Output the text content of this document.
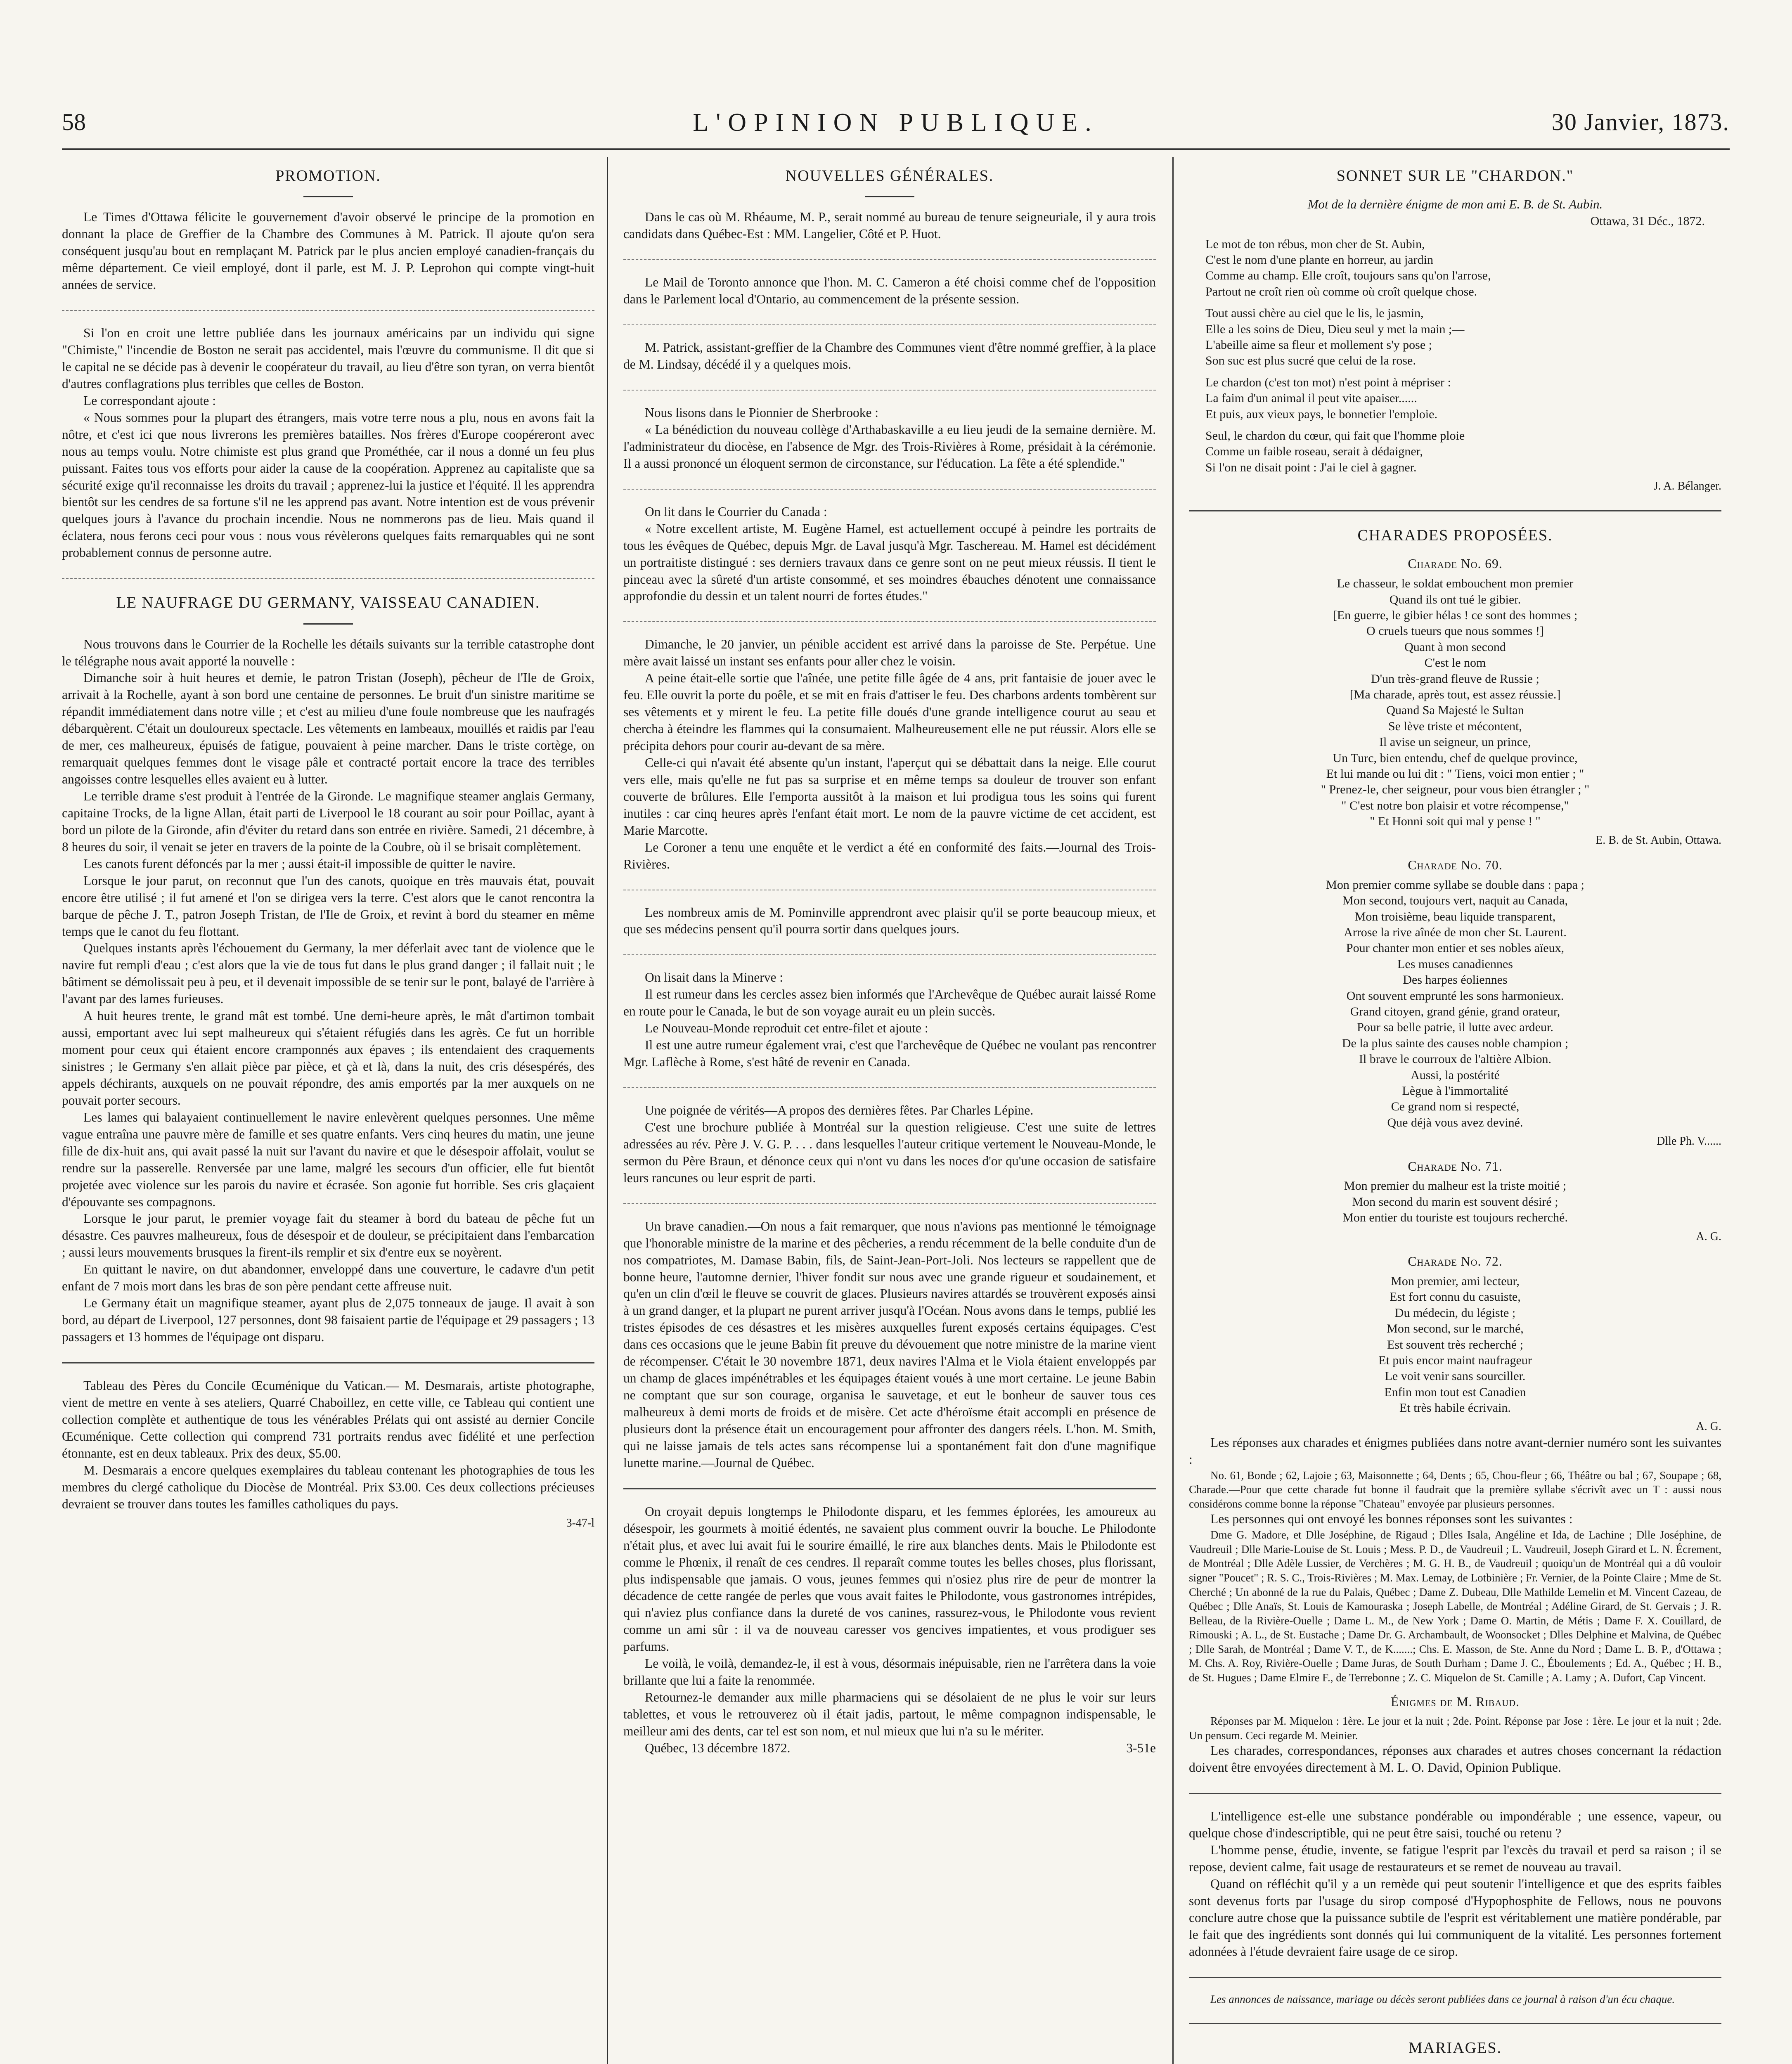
58	L'OPINION PUBLIQUE.	30 Janvier, 1873.
PROMOTION.

Le Times d'Ottawa félicite le gouvernement d'avoir observé le principe de la promotion en donnant la place de Greffier de la Chambre des Communes à M. Patrick. Il ajoute qu'on sera conséquent jusqu'au bout en remplaçant M. Patrick par le plus ancien employé canadien-français du même département. Ce vieil employé, dont il parle, est M. J. P. Leprohon qui compte vingt-huit années de service.

Si l'on en croit une lettre publiée dans les journaux américains par un individu qui signe "Chimiste," l'incendie de Boston ne serait pas accidentel, mais l'œuvre du communisme. Il dit que si le capital ne se décide pas à devenir le coopérateur du travail, au lieu d'être son tyran, on verra bientôt d'autres conflagrations plus terribles que celles de Boston.

Le correspondant ajoute :

« Nous sommes pour la plupart des étrangers, mais votre terre nous a plu, nous en avons fait la nôtre, et c'est ici que nous livrerons les premières batailles. Nos frères d'Europe coopéreront avec nous au temps voulu. Notre chimiste est plus grand que Prométhée, car il nous a donné un feu plus puissant. Faites tous vos efforts pour aider la cause de la coopération. Apprenez au capitaliste que sa sécurité exige qu'il reconnaisse les droits du travail ; apprenez-lui la justice et l'équité. Il les apprendra bientôt sur les cendres de sa fortune s'il ne les apprend pas avant. Notre intention est de vous prévenir quelques jours à l'avance du prochain incendie. Nous ne nommerons pas de lieu. Mais quand il éclatera, nous ferons ceci pour vous : nous vous révèlerons quelques faits remarquables qui ne sont probablement connus de personne autre.

LE NAUFRAGE DU GERMANY, VAISSEAU CANADIEN.

Nous trouvons dans le Courrier de la Rochelle les détails suivants sur la terrible catastrophe dont le télégraphe nous avait apporté la nouvelle :

Dimanche soir à huit heures et demie, le patron Tristan (Joseph), pêcheur de l'Ile de Groix, arrivait à la Rochelle, ayant à son bord une centaine de personnes. Le bruit d'un sinistre maritime se répandit immédiatement dans notre ville ; et c'est au milieu d'une foule nombreuse que les naufragés débarquèrent. C'était un douloureux spectacle. Les vêtements en lambeaux, mouillés et raidis par l'eau de mer, ces malheureux, épuisés de fatigue, pouvaient à peine marcher. Dans le triste cortège, on remarquait quelques femmes dont le visage pâle et contracté portait encore la trace des terribles angoisses contre lesquelles elles avaient eu à lutter.

Le terrible drame s'est produit à l'entrée de la Gironde. Le magnifique steamer anglais Germany, capitaine Trocks, de la ligne Allan, était parti de Liverpool le 18 courant au soir pour Poillac, ayant à bord un pilote de la Gironde, afin d'éviter du retard dans son entrée en rivière. Samedi, 21 décembre, à 8 heures du soir, il venait se jeter en travers de la pointe de la Coubre, où il se brisait complètement.

Les canots furent défoncés par la mer ; aussi était-il impossible de quitter le navire.

Lorsque le jour parut, on reconnut que l'un des canots, quoique en très mauvais état, pouvait encore être utilisé ; il fut amené et l'on se dirigea vers la terre. C'est alors que le canot rencontra la barque de pêche J. T., patron Joseph Tristan, de l'Ile de Groix, et revint à bord du steamer en même temps que le canot du feu flottant.

Quelques instants après l'échouement du Germany, la mer déferlait avec tant de violence que le navire fut rempli d'eau ; c'est alors que la vie de tous fut dans le plus grand danger ; il fallait nuit ; le bâtiment se démolissait peu à peu, et il devenait impossible de se tenir sur le pont, balayé de l'arrière à l'avant par des lames furieuses.

A huit heures trente, le grand mât est tombé. Une demi-heure après, le mât d'artimon tombait aussi, emportant avec lui sept malheureux qui s'étaient réfugiés dans les agrès. Ce fut un horrible moment pour ceux qui étaient encore cramponnés aux épaves ; ils entendaient des craquements sinistres ; le Germany s'en allait pièce par pièce, et çà et là, dans la nuit, des cris désespérés, des appels déchirants, auxquels on ne pouvait répondre, des amis emportés par la mer auxquels on ne pouvait porter secours.

Les lames qui balayaient continuellement le navire enlevèrent quelques personnes. Une même vague entraîna une pauvre mère de famille et ses quatre enfants. Vers cinq heures du matin, une jeune fille de dix-huit ans, qui avait passé la nuit sur l'avant du navire et que le désespoir affolait, voulut se rendre sur la passerelle. Renversée par une lame, malgré les secours d'un officier, elle fut bientôt projetée avec violence sur les parois du navire et écrasée. Son agonie fut horrible. Ses cris glaçaient d'épouvante ses compagnons.

Lorsque le jour parut, le premier voyage fait du steamer à bord du bateau de pêche fut un désastre. Ces pauvres malheureux, fous de désespoir et de douleur, se précipitaient dans l'embarcation ; aussi leurs mouvements brusques la firent-ils remplir et six d'entre eux se noyèrent.

En quittant le navire, on dut abandonner, enveloppé dans une couverture, le cadavre d'un petit enfant de 7 mois mort dans les bras de son père pendant cette affreuse nuit.

Le Germany était un magnifique steamer, ayant plus de 2,075 tonneaux de jauge. Il avait à son bord, au départ de Liverpool, 127 personnes, dont 98 faisaient partie de l'équipage et 29 passagers ; 13 passagers et 13 hommes de l'équipage ont disparu.

Tableau des Pères du Concile Œcuménique du Vatican.— M. Desmarais, artiste photographe, vient de mettre en vente à ses ateliers, Quarré Chaboillez, en cette ville, ce Tableau qui contient une collection complète et authentique de tous les vénérables Prélats qui ont assisté au dernier Concile Œcuménique. Cette collection qui comprend 731 portraits rendus avec fidélité et une perfection étonnante, est en deux tableaux. Prix des deux, $5.00.

M. Desmarais a encore quelques exemplaires du tableau contenant les photographies de tous les membres du clergé catholique du Diocèse de Montréal. Prix $3.00. Ces deux collections précieuses devraient se trouver dans toutes les familles catholiques du pays.

3-47-l
NOUVELLES GÉNÉRALES.

Dans le cas où M. Rhéaume, M. P., serait nommé au bureau de tenure seigneuriale, il y aura trois candidats dans Québec-Est : MM. Langelier, Côté et P. Huot.

Le Mail de Toronto annonce que l'hon. M. C. Cameron a été choisi comme chef de l'opposition dans le Parlement local d'Ontario, au commencement de la présente session.

M. Patrick, assistant-greffier de la Chambre des Communes vient d'être nommé greffier, à la place de M. Lindsay, décédé il y a quelques mois.

Nous lisons dans le Pionnier de Sherbrooke :

« La bénédiction du nouveau collège d'Arthabaskaville a eu lieu jeudi de la semaine dernière. M. l'administrateur du diocèse, en l'absence de Mgr. des Trois-Rivières à Rome, présidait à la cérémonie. Il a aussi prononcé un éloquent sermon de circonstance, sur l'éducation. La fête a été splendide."

On lit dans le Courrier du Canada :

« Notre excellent artiste, M. Eugène Hamel, est actuellement occupé à peindre les portraits de tous les évêques de Québec, depuis Mgr. de Laval jusqu'à Mgr. Taschereau. M. Hamel est décidément un portraitiste distingué : ses derniers travaux dans ce genre sont on ne peut mieux réussis. Il tient le pinceau avec la sûreté d'un artiste consommé, et ses moindres ébauches dénotent une connaissance approfondie du dessin et un talent nourri de fortes études."

Dimanche, le 20 janvier, un pénible accident est arrivé dans la paroisse de Ste. Perpétue. Une mère avait laissé un instant ses enfants pour aller chez le voisin.

A peine était-elle sortie que l'aînée, une petite fille âgée de 4 ans, prit fantaisie de jouer avec le feu. Elle ouvrit la porte du poêle, et se mit en frais d'attiser le feu. Des charbons ardents tombèrent sur ses vêtements et y mirent le feu. La petite fille doués d'une grande intelligence courut au seau et chercha à éteindre les flammes qui la consumaient. Malheureusement elle ne put réussir. Alors elle se précipita dehors pour courir au-devant de sa mère.

Celle-ci qui n'avait été absente qu'un instant, l'aperçut qui se débattait dans la neige. Elle courut vers elle, mais qu'elle ne fut pas sa surprise et en même temps sa douleur de trouver son enfant couverte de brûlures. Elle l'emporta aussitôt à la maison et lui prodigua tous les soins qui furent inutiles : car cinq heures après l'enfant était mort. Le nom de la pauvre victime de cet accident, est Marie Marcotte.

Le Coroner a tenu une enquête et le verdict a été en conformité des faits.—Journal des Trois-Rivières.

Les nombreux amis de M. Pominville apprendront avec plaisir qu'il se porte beaucoup mieux, et que ses médecins pensent qu'il pourra sortir dans quelques jours.

On lisait dans la Minerve :

Il est rumeur dans les cercles assez bien informés que l'Archevêque de Québec aurait laissé Rome en route pour le Canada, le but de son voyage aurait eu un plein succès.

Le Nouveau-Monde reproduit cet entre-filet et ajoute :

Il est une autre rumeur également vrai, c'est que l'archevêque de Québec ne voulant pas rencontrer Mgr. Laflèche à Rome, s'est hâté de revenir en Canada.

Une poignée de vérités—A propos des dernières fêtes. Par Charles Lépine.

C'est une brochure publiée à Montréal sur la question religieuse. C'est une suite de lettres adressées au rév. Père J. V. G. P. . . . dans lesquelles l'auteur critique vertement le Nouveau-Monde, le sermon du Père Braun, et dénonce ceux qui n'ont vu dans les noces d'or qu'une occasion de satisfaire leurs rancunes ou leur esprit de parti.

Un brave canadien.—On nous a fait remarquer, que nous n'avions pas mentionné le témoignage que l'honorable ministre de la marine et des pêcheries, a rendu récemment de la belle conduite d'un de nos compatriotes, M. Damase Babin, fils, de Saint-Jean-Port-Joli. Nos lecteurs se rappellent que de bonne heure, l'automne dernier, l'hiver fondit sur nous avec une grande rigueur et soudainement, et qu'en un clin d'œil le fleuve se couvrit de glaces. Plusieurs navires attardés se trouvèrent exposés ainsi à un grand danger, et la plupart ne purent arriver jusqu'à l'Océan. Nous avons dans le temps, publié les tristes épisodes de ces désastres et les misères auxquelles furent exposés certains équipages. C'est dans ces occasions que le jeune Babin fit preuve du dévouement que notre ministre de la marine vient de récompenser. C'était le 30 novembre 1871, deux navires l'Alma et le Viola étaient enveloppés par un champ de glaces impénétrables et les équipages étaient voués à une mort certaine. Le jeune Babin ne comptant que sur son courage, organisa le sauvetage, et eut le bonheur de sauver tous ces malheureux à demi morts de froids et de misère. Cet acte d'héroïsme était accompli en présence de plusieurs dont la présence était un encouragement pour affronter des dangers réels. L'hon. M. Smith, qui ne laisse jamais de tels actes sans récompense lui a spontanément fait don d'une magnifique lunette marine.—Journal de Québec.

On croyait depuis longtemps le Philodonte disparu, et les femmes éplorées, les amoureux au désespoir, les gourmets à moitié édentés, ne savaient plus comment ouvrir la bouche. Le Philodonte n'était plus, et avec lui avait fui le sourire émaillé, le rire aux blanches dents. Mais le Philodonte est comme le Phœnix, il renaît de ces cendres. Il reparaît comme toutes les belles choses, plus florissant, plus indispensable que jamais. O vous, jeunes femmes qui n'osiez plus rire de peur de montrer la décadence de cette rangée de perles que vous avait faites le Philodonte, vous gastronomes intrépides, qui n'aviez plus confiance dans la dureté de vos canines, rassurez-vous, le Philodonte vous revient comme un ami sûr : il va de nouveau caresser vos gencives impatientes, et vous prodiguer ses parfums.

Le voilà, le voilà, demandez-le, il est à vous, désormais inépuisable, rien ne l'arrêtera dans la voie brillante que lui a faite la renommée.

Retournez-le demander aux mille pharmaciens qui se désolaient de ne plus le voir sur leurs tablettes, et vous le retrouverez où il était jadis, partout, le même compagnon indispensable, le meilleur ami des dents, car tel est son nom, et nul mieux que lui n'a su le mériter.

Québec, 13 décembre 1872.	3-51e
SONNET SUR LE "CHARDON."
Mot de la dernière énigme de mon ami E. B. de St. Aubin.
Ottawa, 31 Déc., 1872.
Le mot de ton rébus, mon cher de St. Aubin,
C'est le nom d'une plante en horreur, au jardin
Comme au champ. Elle croît, toujours sans qu'on l'arrose,
Partout ne croît rien où comme où croît quelque chose.
Tout aussi chère au ciel que le lis, le jasmin,
Elle a les soins de Dieu, Dieu seul y met la main ;—
L'abeille aime sa fleur et mollement s'y pose ;
Son suc est plus sucré que celui de la rose.
Le chardon (c'est ton mot) n'est point à mépriser :
La faim d'un animal il peut vite apaiser......
Et puis, aux vieux pays, le bonnetier l'emploie.
Seul, le chardon du cœur, qui fait que l'homme ploie
Comme un faible roseau, serait à dédaigner,
Si l'on ne disait point : J'ai le ciel à gagner.
J. A. Bélanger.
CHARADES PROPOSÉES.
Charade No. 69.
Le chasseur, le soldat embouchent mon premier
Quand ils ont tué le gibier.
[En guerre, le gibier hélas ! ce sont des hommes ;
O cruels tueurs que nous sommes !]
Quant à mon second
C'est le nom
D'un très-grand fleuve de Russie ;
[Ma charade, après tout, est assez réussie.]
Quand Sa Majesté le Sultan
Se lève triste et mécontent,
Il avise un seigneur, un prince,
Un Turc, bien entendu, chef de quelque province,
Et lui mande ou lui dit : " Tiens, voici mon entier ; "
" Prenez-le, cher seigneur, pour vous bien étrangler ; "
" C'est notre bon plaisir et votre récompense,"
" Et Honni soit qui mal y pense ! "
E. B. de St. Aubin, Ottawa.
Charade No. 70.
Mon premier comme syllabe se double dans : papa ;
Mon second, toujours vert, naquit au Canada,
Mon troisième, beau liquide transparent,
Arrose la rive aînée de mon cher St. Laurent.
Pour chanter mon entier et ses nobles aïeux,
Les muses canadiennes
Des harpes éoliennes
Ont souvent emprunté les sons harmonieux.
Grand citoyen, grand génie, grand orateur,
Pour sa belle patrie, il lutte avec ardeur.
De la plus sainte des causes noble champion ;
Il brave le courroux de l'altière Albion.
Aussi, la postérité
Lègue à l'immortalité
Ce grand nom si respecté,
Que déjà vous avez deviné.
Dlle Ph. V......
Charade No. 71.
Mon premier du malheur est la triste moitié ;
Mon second du marin est souvent désiré ;
Mon entier du touriste est toujours recherché.
A. G.
Charade No. 72.
Mon premier, ami lecteur,
Est fort connu du casuiste,
Du médecin, du légiste ;
Mon second, sur le marché,
Est souvent très recherché ;
Et puis encor maint naufrageur
Le voit venir sans sourciller.
Enfin mon tout est Canadien
Et très habile écrivain.
A. G.

Les réponses aux charades et énigmes publiées dans notre avant-dernier numéro sont les suivantes :

No. 61, Bonde ; 62, Lajoie ; 63, Maisonnette ; 64, Dents ; 65, Chou-fleur ; 66, Théâtre ou bal ; 67, Soupape ; 68, Charade.—Pour que cette charade fut bonne il faudrait que la première syllabe s'écrivît avec un T : aussi nous considérons comme bonne la réponse "Chateau" envoyée par plusieurs personnes.

Les personnes qui ont envoyé les bonnes réponses sont les suivantes :

Dme G. Madore, et Dlle Joséphine, de Rigaud ; Dlles Isala, Angéline et Ida, de Lachine ; Dlle Joséphine, de Vaudreuil ; Dlle Marie-Louise de St. Louis ; Mess. P. D., de Vaudreuil ; L. Vaudreuil, Joseph Girard et L. N. Écrement, de Montréal ; Dlle Adèle Lussier, de Verchères ; M. G. H. B., de Vaudreuil ; quoiqu'un de Montréal qui a dû vouloir signer "Poucet" ; R. S. C., Trois-Rivières ; M. Max. Lemay, de Lotbinière ; Fr. Vernier, de la Pointe Claire ; Mme de St. Cherché ; Un abonné de la rue du Palais, Québec ; Dame Z. Dubeau, Dlle Mathilde Lemelin et M. Vincent Cazeau, de Québec ; Dlle Anaïs, St. Louis de Kamouraska ; Joseph Labelle, de Montréal ; Adéline Girard, de St. Gervais ; J. R. Belleau, de la Rivière-Ouelle ; Dame L. M., de New York ; Dame O. Martin, de Métis ; Dame F. X. Couillard, de Rimouski ; A. L., de St. Eustache ; Dame Dr. G. Archambault, de Woonsocket ; Dlles Delphine et Malvina, de Québec ; Dlle Sarah, de Montréal ; Dame V. T., de K.......; Chs. E. Masson, de Ste. Anne du Nord ; Dame L. B. P., d'Ottawa ; M. Chs. A. Roy, Rivière-Ouelle ; Dame Juras, de South Durham ; Dame J. C., Éboulements ; Ed. A., Québec ; H. B., de St. Hugues ; Dame Elmire F., de Terrebonne ; Z. C. Miquelon de St. Camille ; A. Lamy ; A. Dufort, Cap Vincent.

Énigmes de M. Ribaud.

Réponses par M. Miquelon : 1ère. Le jour et la nuit ; 2de. Point. Réponse par Jose : 1ère. Le jour et la nuit ; 2de. Un pensum. Ceci regarde M. Meinier.

Les charades, correspondances, réponses aux charades et autres choses concernant la rédaction doivent être envoyées directement à M. L. O. David, Opinion Publique.

L'intelligence est-elle une substance pondérable ou impondérable ; une essence, vapeur, ou quelque chose d'indescriptible, qui ne peut être saisi, touché ou retenu ?

L'homme pense, étudie, invente, se fatigue l'esprit par l'excès du travail et perd sa raison ; il se repose, devient calme, fait usage de restaurateurs et se remet de nouveau au travail.

Quand on réfléchit qu'il y a un remède qui peut soutenir l'intelligence et que des esprits faibles sont devenus forts par l'usage du sirop composé d'Hypophosphite de Fellows, nous ne pouvons conclure autre chose que la puissance subtile de l'esprit est véritablement une matière pondérable, par le fait que des ingrédients sont donnés qui lui communiquent de la vitalité. Les personnes fortement adonnées à l'étude devraient faire usage de ce sirop.

Les annonces de naissance, mariage ou décès seront publiées dans ce journal à raison d'un écu chaque.

MARIAGES.
